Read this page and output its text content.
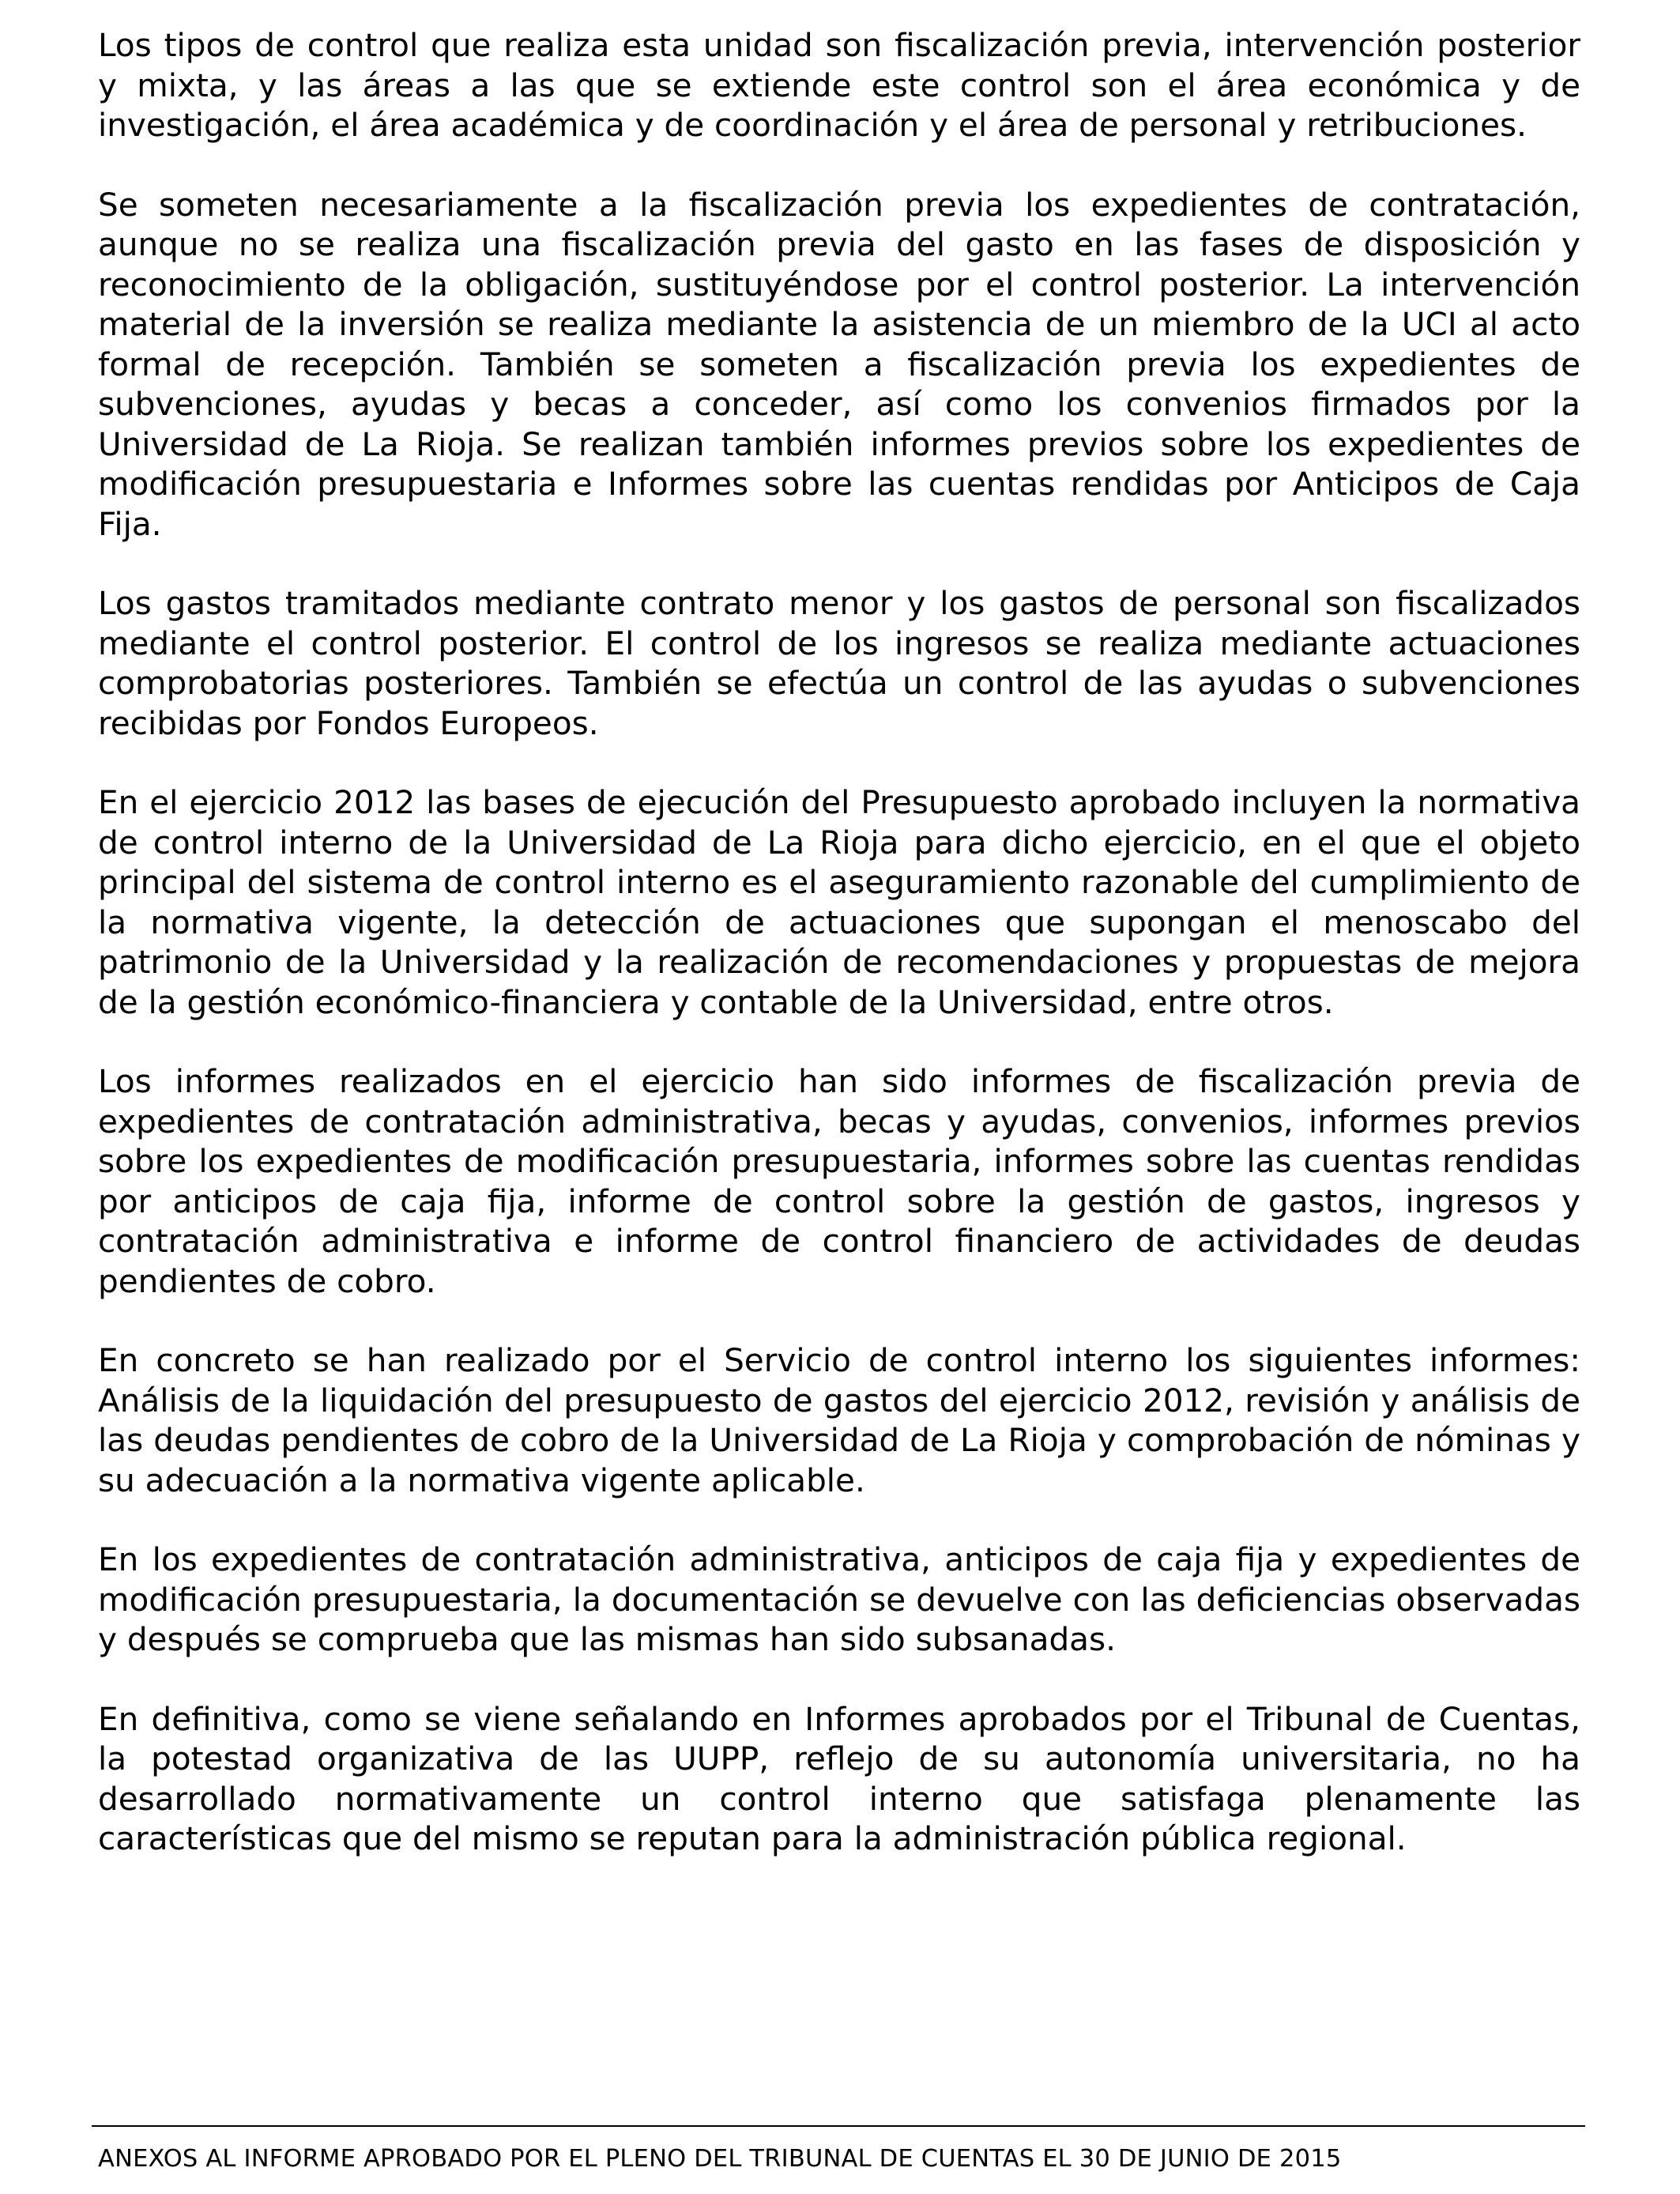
Los tipos de control que realiza esta unidad son fiscalización previa, intervención posterior y mixta, y las áreas a las que se extiende este control son el área económica y de investigación, el área académica y de coordinación y el área de personal y retribuciones.

Se someten necesariamente a la fiscalización previa los expedientes de contratación, aunque no se realiza una fiscalización previa del gasto en las fases de disposición y reconocimiento de la obligación, sustituyéndose por el control posterior. La intervención material de la inversión se realiza mediante la asistencia de un miembro de la UCI al acto formal de recepción. También se someten a fiscalización previa los expedientes de subvenciones, ayudas y becas a conceder, así como los convenios firmados por la Universidad de La Rioja. Se realizan también informes previos sobre los expedientes de modificación presupuestaria e Informes sobre las cuentas rendidas por Anticipos de Caja Fija.

Los gastos tramitados mediante contrato menor y los gastos de personal son fiscalizados mediante el control posterior. El control de los ingresos se realiza mediante actuaciones comprobatorias posteriores. También se efectúa un control de las ayudas o subvenciones recibidas por Fondos Europeos.

En el ejercicio 2012 las bases de ejecución del Presupuesto aprobado incluyen la normativa de control interno de la Universidad de La Rioja para dicho ejercicio, en el que el objeto principal del sistema de control interno es el aseguramiento razonable del cumplimiento de la normativa vigente, la detección de actuaciones que supongan el menoscabo del patrimonio de la Universidad y la realización de recomendaciones y propuestas de mejora de la gestión económico-financiera y contable de la Universidad, entre otros.

Los informes realizados en el ejercicio han sido informes de fiscalización previa de expedientes de contratación administrativa, becas y ayudas, convenios, informes previos sobre los expedientes de modificación presupuestaria, informes sobre las cuentas rendidas por anticipos de caja fija, informe de control sobre la gestión de gastos, ingresos y contratación administrativa e informe de control financiero de actividades de deudas pendientes de cobro.

En concreto se han realizado por el Servicio de control interno los siguientes informes: Análisis de la liquidación del presupuesto de gastos del ejercicio 2012, revisión y análisis de las deudas pendientes de cobro de la Universidad de La Rioja y comprobación de nóminas y su adecuación a la normativa vigente aplicable.

En los expedientes de contratación administrativa, anticipos de caja fija y expedientes de modificación presupuestaria, la documentación se devuelve con las deficiencias observadas y después se comprueba que las mismas han sido subsanadas.

En definitiva, como se viene señalando en Informes aprobados por el Tribunal de Cuentas, la potestad organizativa de las UUPP, reflejo de su autonomía universitaria, no ha desarrollado normativamente un control interno que satisfaga plenamente las características que del mismo se reputan para la administración pública regional.

ANEXOS AL INFORME APROBADO POR EL PLENO DEL TRIBUNAL DE CUENTAS EL 30 DE JUNIO DE 2015
